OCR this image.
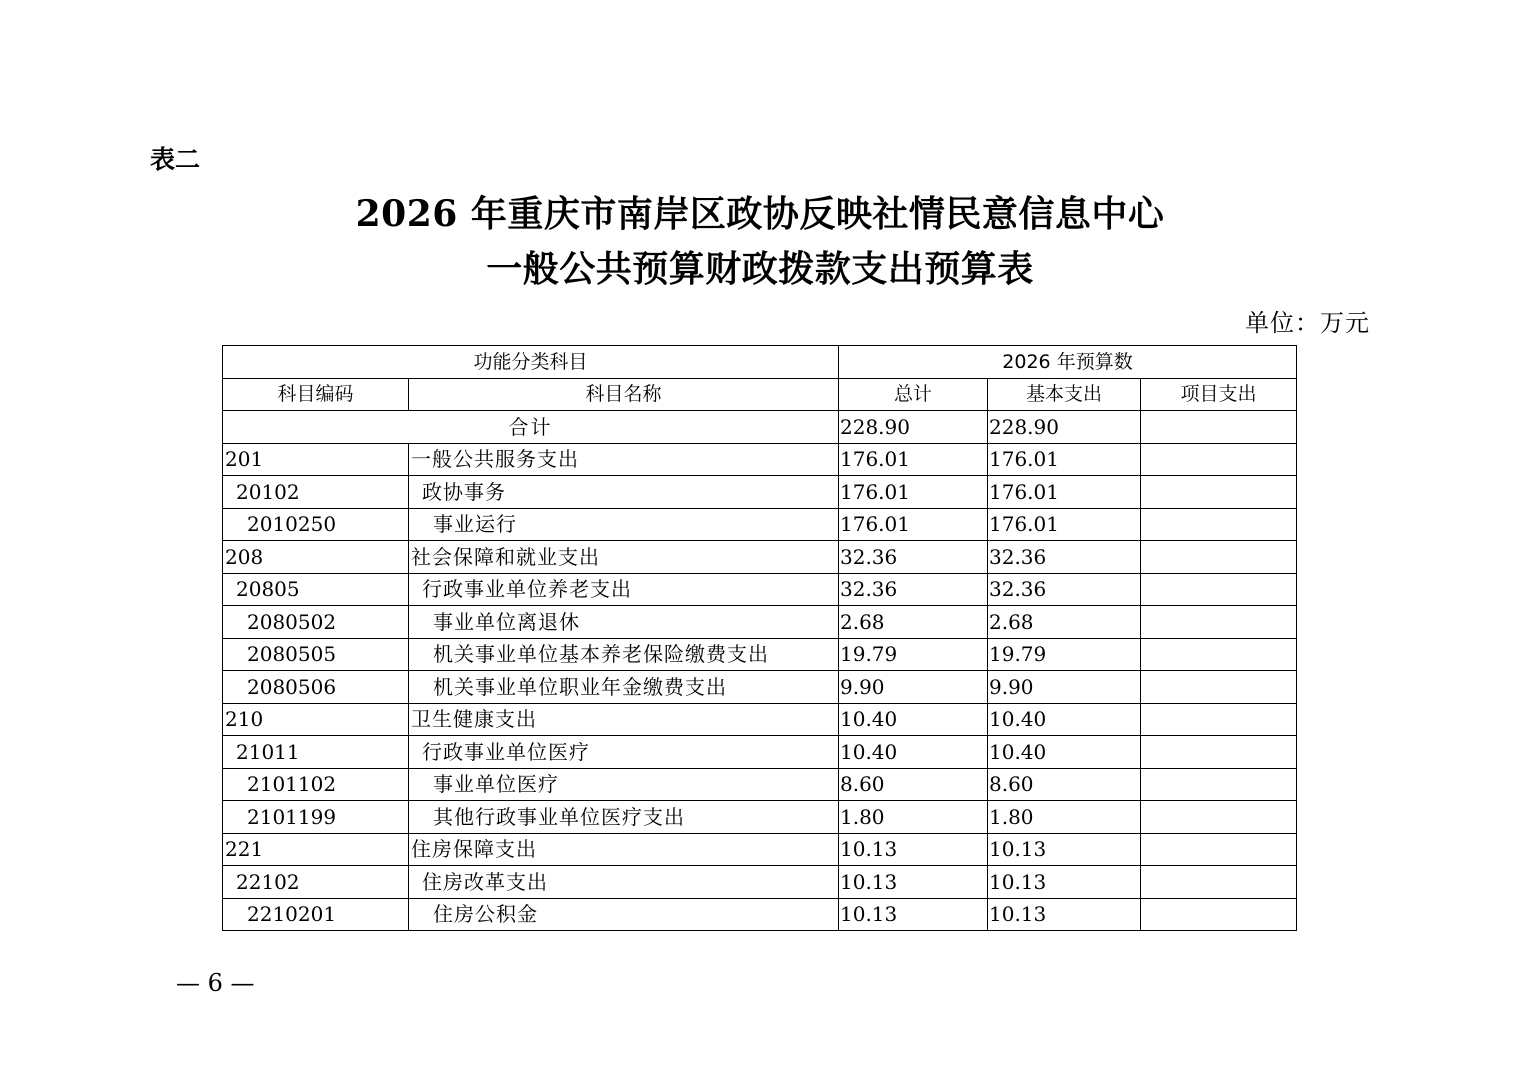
表二
2026 年重庆市南岸区政协反映社情民意信息中心
一般公共预算财政拨款支出预算表
单位：万元
功能分类科目		2026 年预算数		
科目编码	科目名称	总计	基本支出	项目支出
合计		228.90	228.90	
201	一般公共服务支出	176.01	176.01	
20102	政协事务	176.01	176.01	
2010250	事业运行	176.01	176.01	
208	社会保障和就业支出	32.36	32.36	
20805	行政事业单位养老支出	32.36	32.36	
2080502	事业单位离退休	2.68	2.68	
2080505	机关事业单位基本养老保险缴费支出	19.79	19.79	
2080506	机关事业单位职业年金缴费支出	9.90	9.90	
210	卫生健康支出	10.40	10.40	
21011	行政事业单位医疗	10.40	10.40	
2101102	事业单位医疗	8.60	8.60	
2101199	其他行政事业单位医疗支出	1.80	1.80	
221	住房保障支出	10.13	10.13	
22102	住房改革支出	10.13	10.13	
2210201	住房公积金	10.13	10.13	
— 6 —
